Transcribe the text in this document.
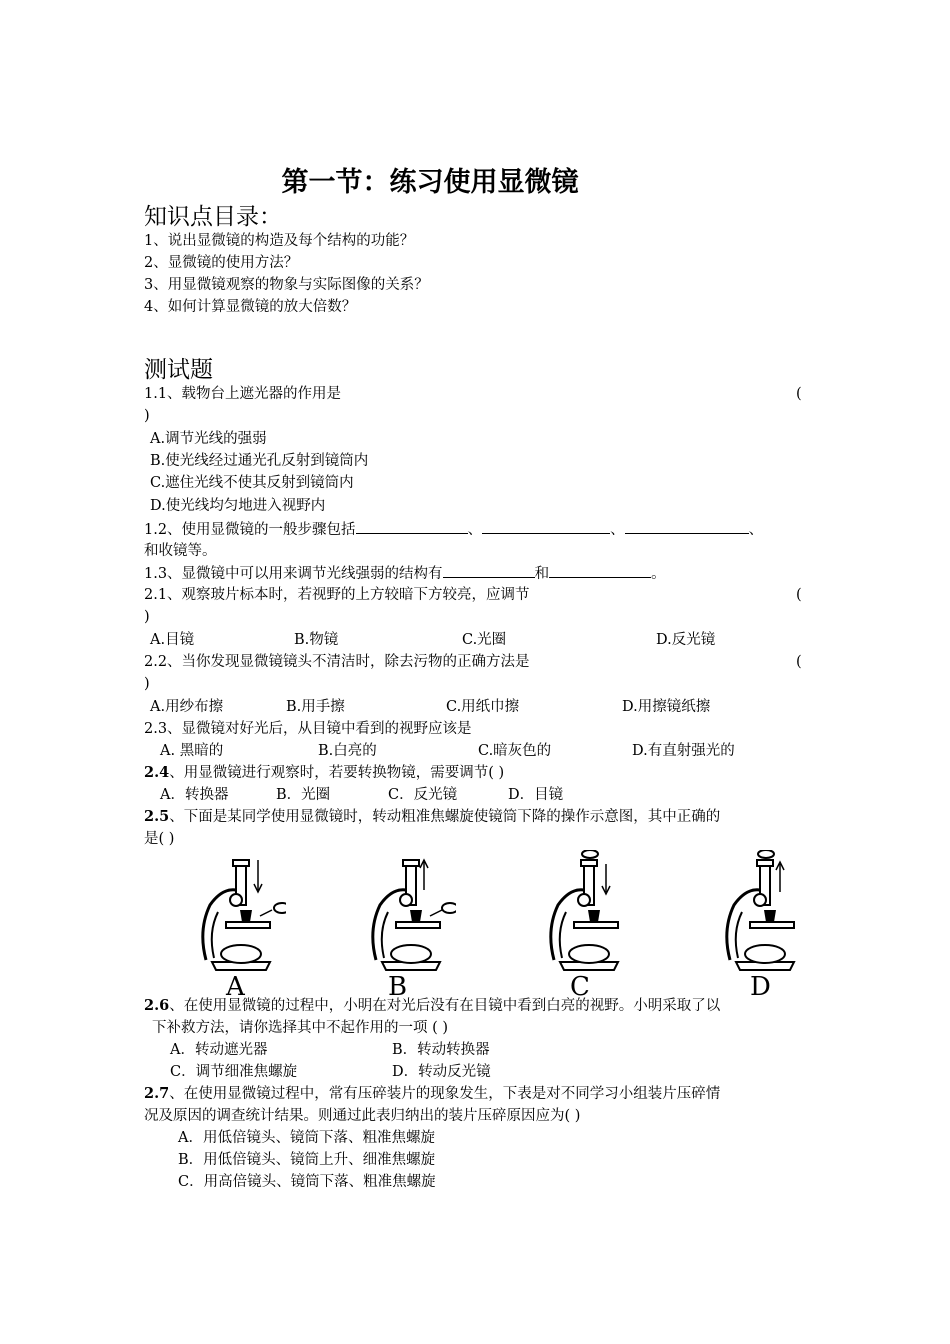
第一节：练习使用显微镜
知识点目录：
1、说出显微镜的构造及每个结构的功能？
2、显微镜的使用方法？
3、用显微镜观察的物象与实际图像的关系？
4、如何计算显微镜的放大倍数？
测试题
1.1、载物台上遮光器的作用是	(
)
A.调节光线的强弱
B.使光线经过通光孔反射到镜筒内
C.遮住光线不使其反射到镜筒内
D.使光线均匀地进入视野内
1.2、使用显微镜的一般步骤包括	、	、	、
和收镜等。
1.3、显微镜中可以用来调节光线强弱的结构有	和	。
2.1、观察玻片标本时，若视野的上方较暗下方较亮，应调节	(
)
A.目镜	B.物镜	C.光圈	D.反光镜
2.2、当你发现显微镜镜头不清洁时，除去污物的正确方法是	(
)
A.用纱布擦	B.用手擦	C.用纸巾擦	D.用擦镜纸擦
2.3、显微镜对好光后，从目镜中看到的视野应该是
A. 黑暗的	B.白亮的	C.暗灰色的	D.有直射强光的
2.4、用显微镜进行观察时，若要转换物镜，需要调节( )
A．转换器	B．光圈	C．反光镜	D．目镜
2.5、下面是某同学使用显微镜时，转动粗准焦螺旋使镜筒下降的操作示意图，其中正确的
是( )
A	B	C	D
2.6、在使用显微镜的过程中，小明在对光后没有在目镜中看到白亮的视野。小明采取了以
下补救方法，请你选择其中不起作用的一项 ( )
A．转动遮光器	B．转动转换器
C．调节细准焦螺旋	D．转动反光镜
2.7、在使用显微镜过程中，常有压碎装片的现象发生，下表是对不同学习小组装片压碎情
况及原因的调查统计结果。则通过此表归纳出的装片压碎原因应为( )
A．用低倍镜头、镜筒下落、粗准焦螺旋
B．用低倍镜头、镜筒上升、细准焦螺旋
C．用高倍镜头、镜筒下落、粗准焦螺旋
